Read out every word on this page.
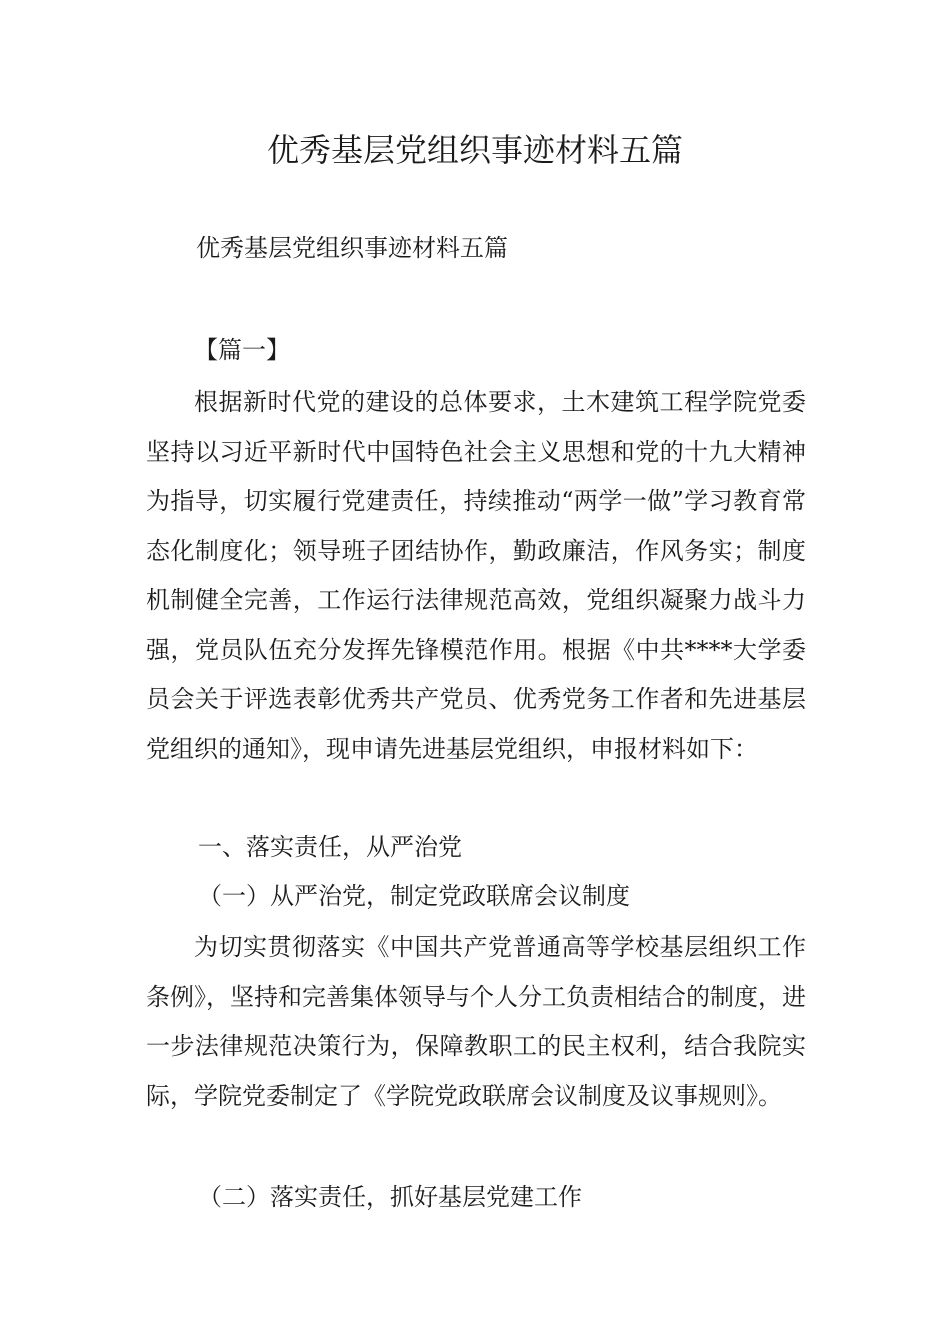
优秀基层党组织事迹材料五篇

优秀基层党组织事迹材料五篇

【篇一】

根据新时代党的建设的总体要求，土木建筑工程学院党委坚持以习近平新时代中国特色社会主义思想和党的十九大精神为指导，切实履行党建责任，持续推动“两学一做”学习教育常态化制度化；领导班子团结协作，勤政廉洁，作风务实；制度机制健全完善，工作运行法律规范高效，党组织凝聚力战斗力强，党员队伍充分发挥先锋模范作用。根据《中共****大学委员会关于评选表彰优秀共产党员、优秀党务工作者和先进基层党组织的通知》，现申请先进基层党组织，申报材料如下：

一、落实责任，从严治党

（一）从严治党，制定党政联席会议制度

为切实贯彻落实《中国共产党普通高等学校基层组织工作条例》，坚持和完善集体领导与个人分工负责相结合的制度，进一步法律规范决策行为，保障教职工的民主权利，结合我院实际，学院党委制定了《学院党政联席会议制度及议事规则》。

（二）落实责任，抓好基层党建工作
